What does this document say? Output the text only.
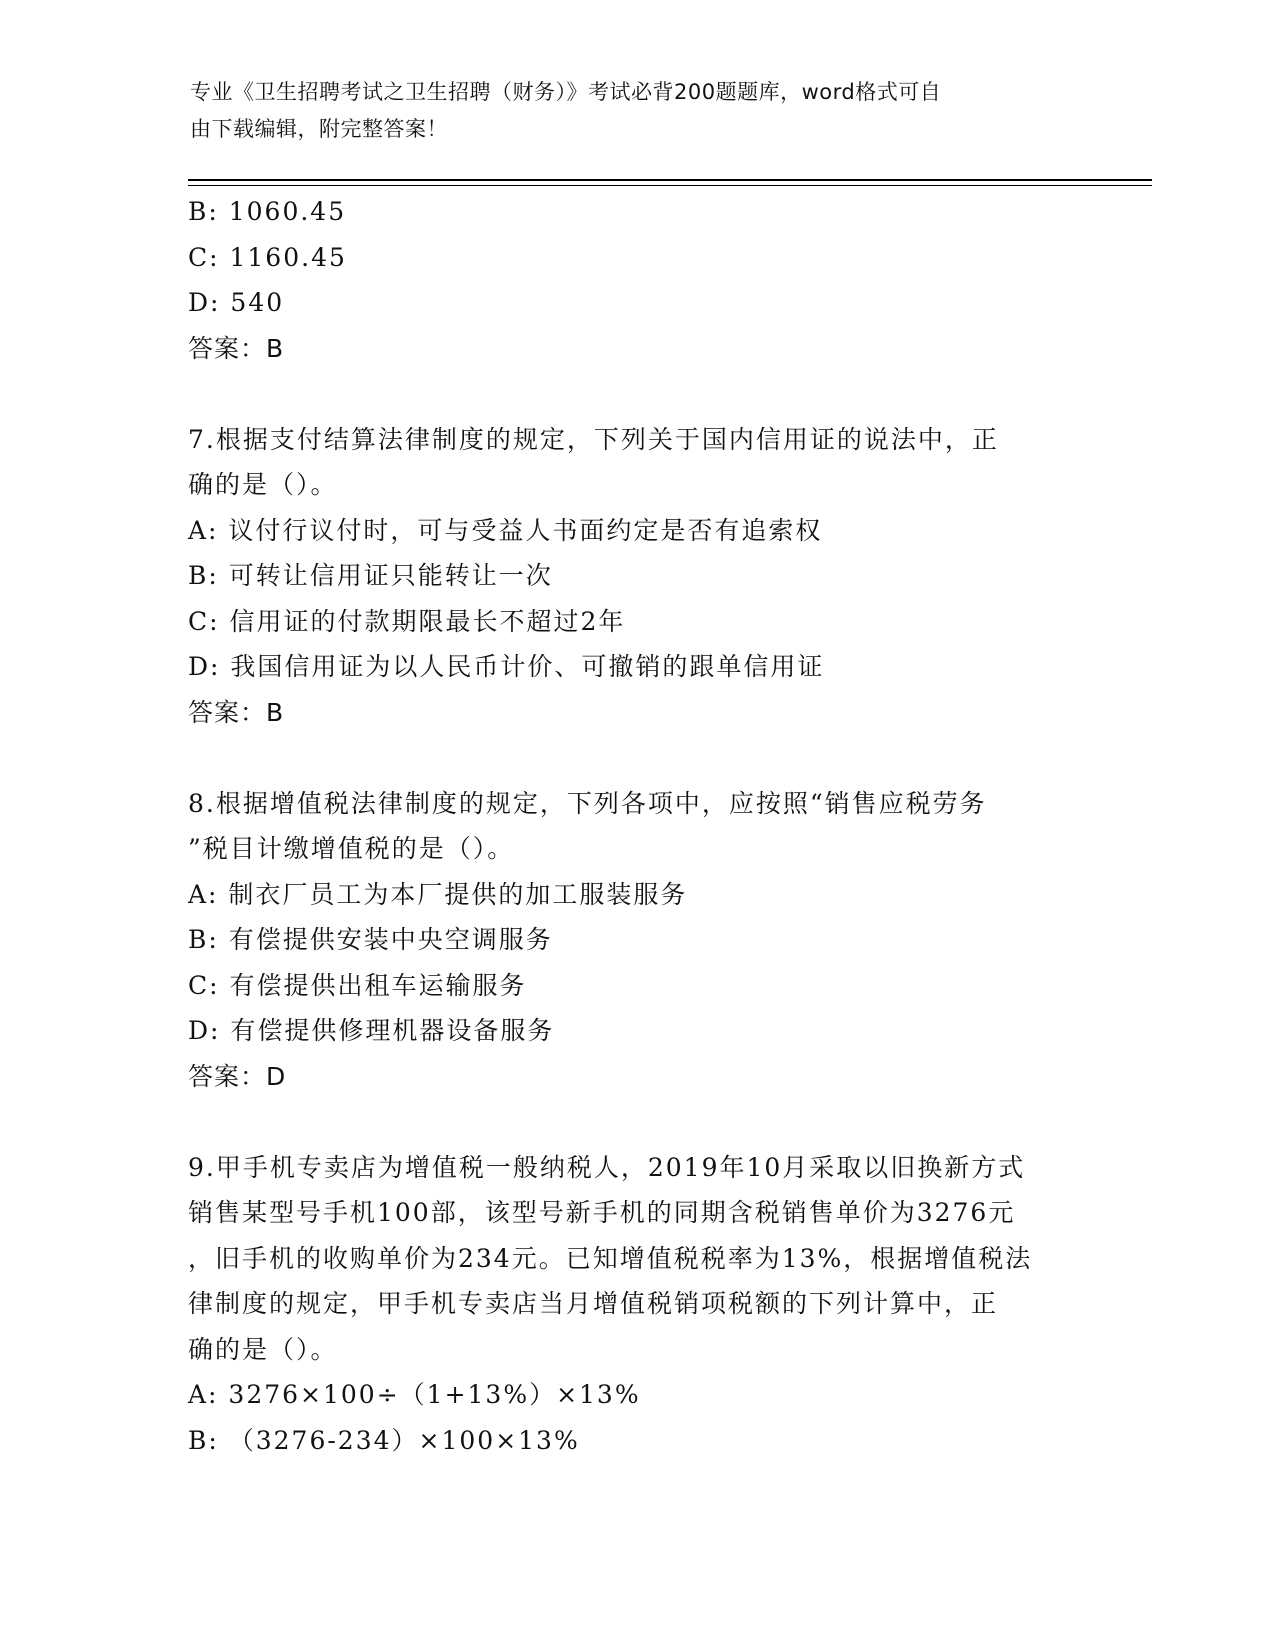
专业《卫生招聘考试之卫生招聘（财务）》考试必背200题题库，word格式可自
由下载编辑，附完整答案！
B: 1060.45
C: 1160.45
D: 540
答案：B
7.根据支付结算法律制度的规定，下列关于国内信用证的说法中，正
确的是（）。
A: 议付行议付时，可与受益人书面约定是否有追索权
B: 可转让信用证只能转让一次
C: 信用证的付款期限最长不超过2年
D: 我国信用证为以人民币计价、可撤销的跟单信用证
答案：B
8.根据增值税法律制度的规定，下列各项中，应按照“销售应税劳务
”税目计缴增值税的是（）。
A: 制衣厂员工为本厂提供的加工服装服务
B: 有偿提供安装中央空调服务
C: 有偿提供出租车运输服务
D: 有偿提供修理机器设备服务
答案：D
9.甲手机专卖店为增值税一般纳税人，2019年10月采取以旧换新方式
销售某型号手机100部，该型号新手机的同期含税销售单价为3276元
，旧手机的收购单价为234元。已知增值税税率为13%，根据增值税法
律制度的规定，甲手机专卖店当月增值税销项税额的下列计算中，正
确的是（）。
A: 3276×100÷（1+13%）×13%
B: （3276-234）×100×13%
